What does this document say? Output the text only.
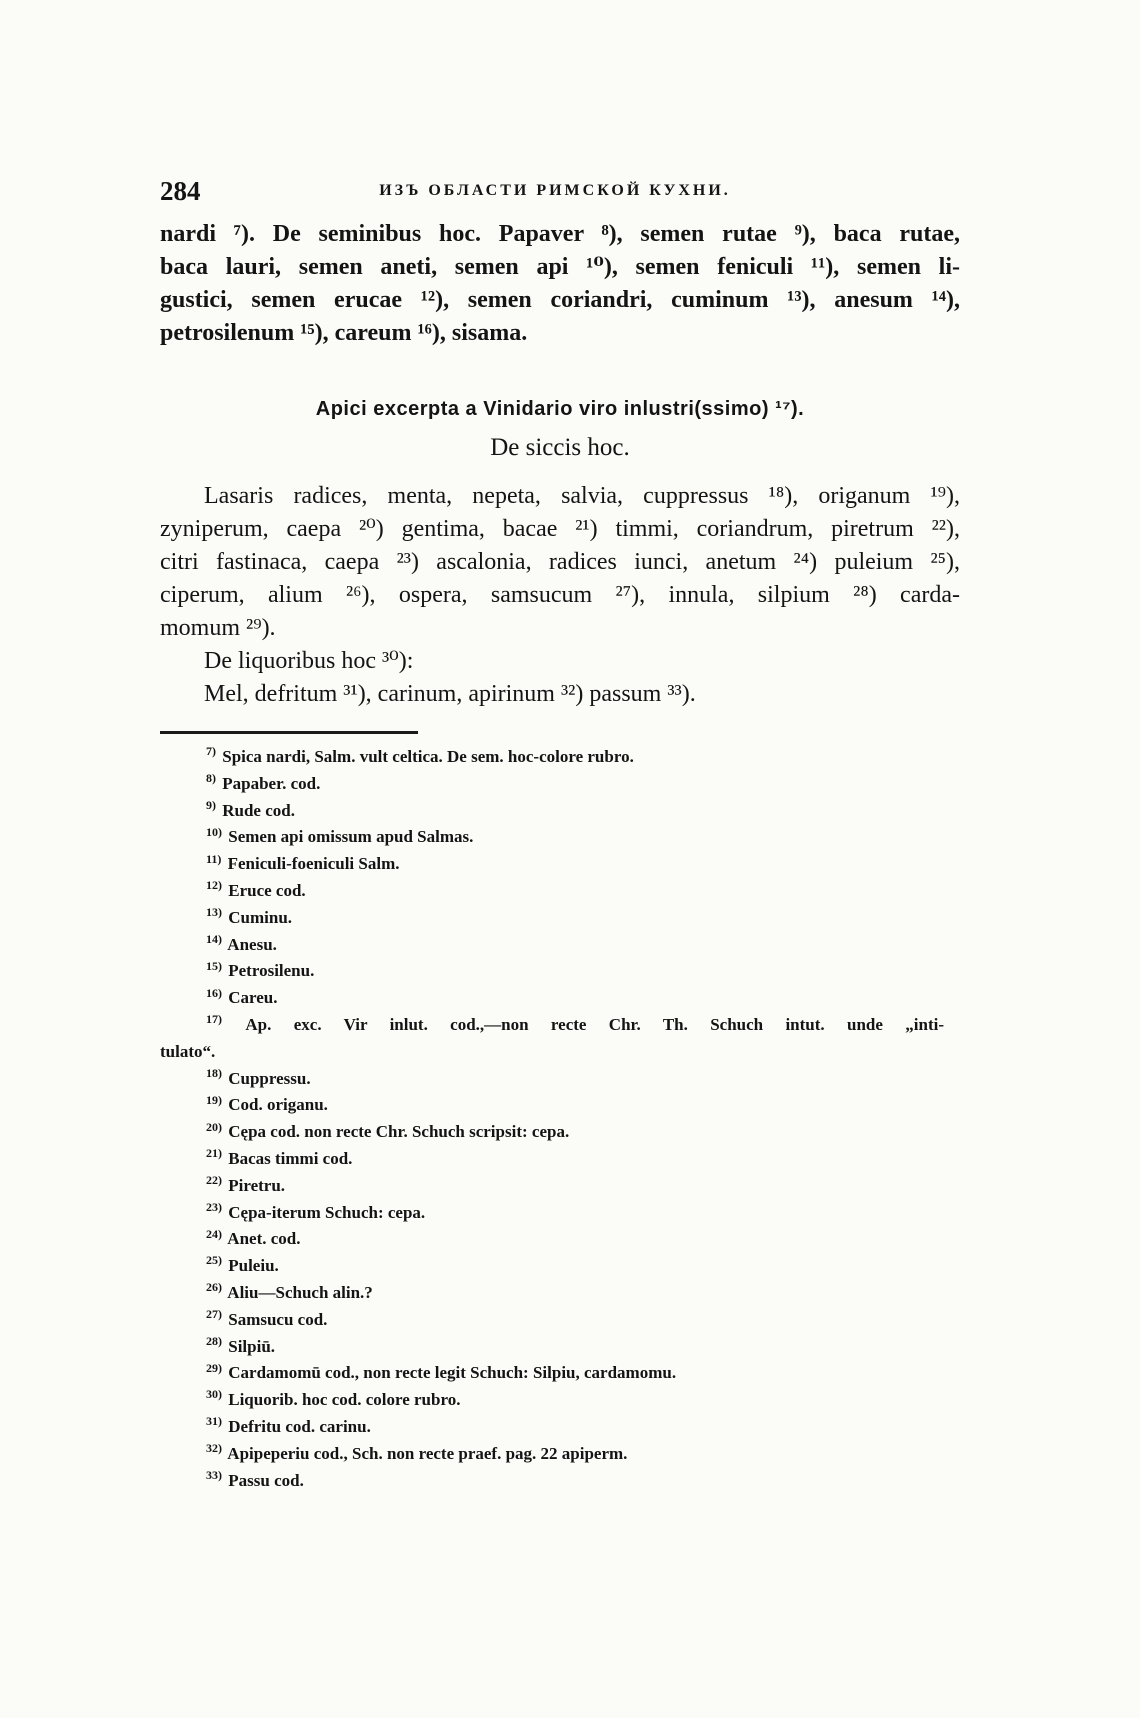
284	ИЗЪ ОБЛАСТИ РИМСКОЙ КУХНИ.
nardi ⁷). De seminibus hoc. Papaver ⁸), semen rutae ⁹), baca rutae,
baca lauri, semen aneti, semen api ¹⁰), semen feniculi ¹¹), semen li-
gustici, semen erucae ¹²), semen coriandri, cuminum ¹³), anesum ¹⁴),
petrosilenum ¹⁵), careum ¹⁶), sisama.
Apici excerpta a Vinidario viro inlustri(ssimo) ¹⁷).
De siccis hoc.
Lasaris radices, menta, nepeta, salvia, cuppressus ¹⁸), origanum ¹⁹),
zyniperum, caepa ²⁰) gentima, bacae ²¹) timmi, coriandrum, piretrum ²²),
citri fastinaca, caepa ²³) ascalonia, radices iunci, anetum ²⁴) puleium ²⁵),
ciperum, alium ²⁶), ospera, samsucum ²⁷), innula, silpium ²⁸) carda-
momum ²⁹).
De liquoribus hoc ³⁰):
Mel, defritum ³¹), carinum, apirinum ³²) passum ³³).
$^{7)}$ Spica nardi, Salm. vult celtica. De sem. hoc-colore rubro.
$^{8)}$ Papaber. cod.
$^{9)}$ Rude cod.
$^{10)}$ Semen api omissum apud Salmas.
$^{11)}$ Feniculi-foeniculi Salm.
$^{12)}$ Eruce cod.
$^{13)}$ Cuminu.
$^{14)}$ Anesu.
$^{15)}$ Petrosilenu.
$^{16)}$ Careu.
$^{17)}$ Ap. exc. Vir inlut. cod.,—non recte Chr. Th. Schuch intut. unde „inti-
tulato“.
$^{18)}$ Cuppressu.
$^{19)}$ Cod. origanu.
$^{20)}$ Cępa cod. non recte Chr. Schuch scripsit: cepa.
$^{21)}$ Bacas timmi cod.
$^{22)}$ Piretru.
$^{23)}$ Cępa-iterum Schuch: cepa.
$^{24)}$ Anet. cod.
$^{25)}$ Puleiu.
$^{26)}$ Aliu—Schuch alin.?
$^{27)}$ Samsucu cod.
$^{28)}$ Silpiū.
$^{29)}$ Cardamomū cod., non recte legit Schuch: Silpiu, cardamomu.
$^{30)}$ Liquorib. hoc cod. colore rubro.
$^{31)}$ Defritu cod. carinu.
$^{32)}$ Apipeperiu cod., Sch. non recte praef. pag. 22 apiperm.
$^{33)}$ Passu cod.
